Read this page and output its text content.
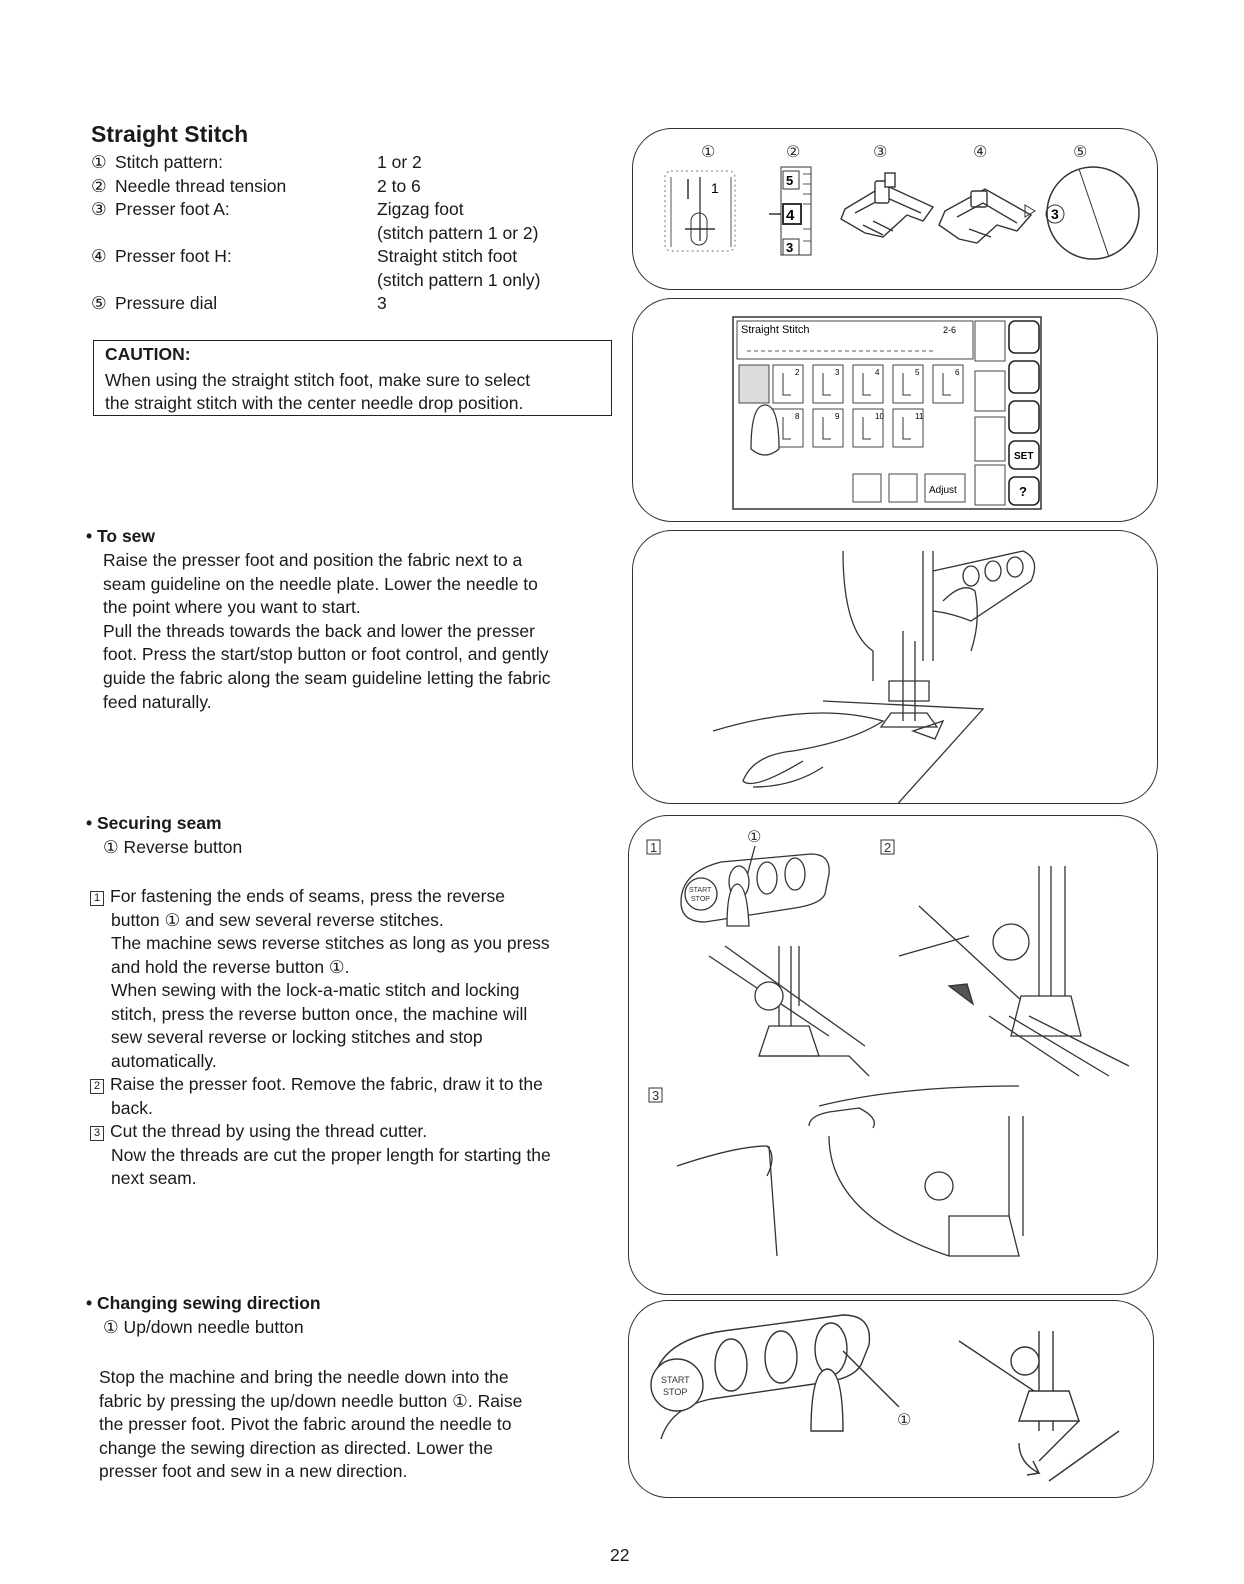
Straight Stitch
① Stitch pattern:	1 or 2
② Needle thread tension	2 to 6
③ Presser foot A:	Zigzag foot
(stitch pattern 1 or 2)
④ Presser foot H:	Straight stitch foot
(stitch pattern 1 only)
⑤ Pressure dial	3
CAUTION:
When using the straight stitch foot, make sure to select
the straight stitch with the center needle drop position.
• To sew
Raise the presser foot and position the fabric next to a
seam guideline on the needle plate. Lower the needle to
the point where you want to start.
Pull the threads towards the back and lower the presser
foot. Press the start/stop button or foot control, and gently
guide the fabric along the seam guideline letting the fabric
feed naturally.
• Securing seam
① Reverse button
1 For fastening the ends of seams, press the reverse
button ① and sew several reverse stitches.
The machine sews reverse stitches as long as you press
and hold the reverse button ①.
When sewing with the lock-a-matic stitch and locking
stitch, press the reverse button once, the machine will
sew several reverse or locking stitches and stop
automatically.
2 Raise the presser foot. Remove the fabric, draw it to the
back.
3 Cut the thread by using the thread cutter.
Now the threads are cut the proper length for starting the
next seam.
• Changing sewing direction
① Up/down needle button
Stop the machine and bring the needle down into the
fabric by pressing the up/down needle button ①. Raise
the presser foot. Pivot the fabric around the needle to
change the sewing direction as directed. Lower the
presser foot and sew in a new direction.
22
①	②	③	④	⑤
1	5
4
3
3
Straight Stitch	2-6
2	3	4	5	6
8	9	10	11
Adjust
SET
?
1	2
3
①
START
STOP
①
START
STOP
